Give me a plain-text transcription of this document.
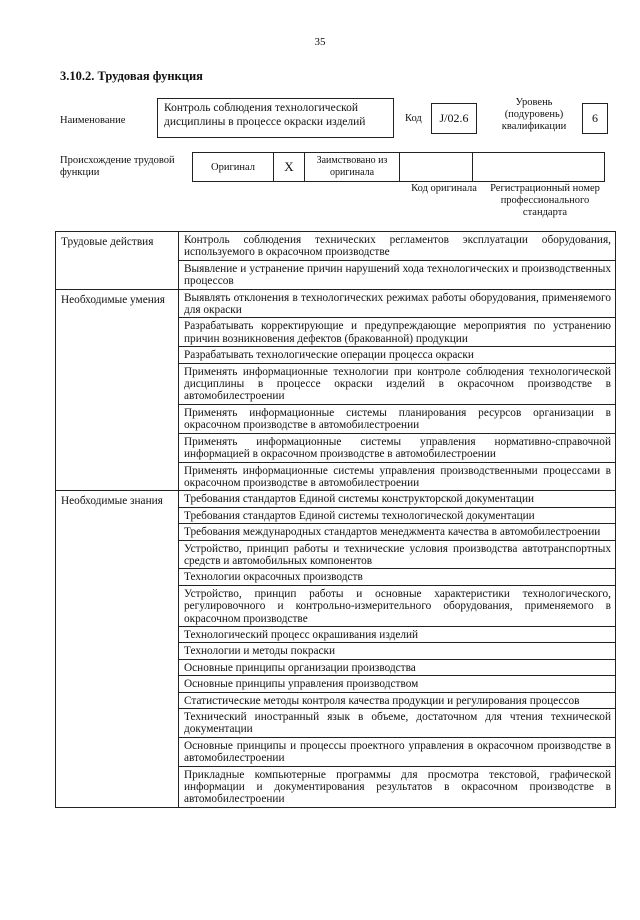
35
3.10.2. Трудовая функция
Наименование
Контроль соблюдения технологической дисциплины в процессе окраски изделий	Код	J/02.6
Уровень (подуровень) квалификации
6
Происхождение трудовой функции	Оригинал X	Заимствовано из оригинала
Код оригинала	Регистрационный номер профессионального стандарта
Трудовые действия	Контроль соблюдения технических регламентов эксплуатации оборудования, используемого в окрасочном производстве
	Выявление и устранение причин нарушений хода технологических и производственных процессов
Необходимые умения	Выявлять отклонения в технологических режимах работы оборудования, применяемого для окраски
	Разрабатывать корректирующие и предупреждающие мероприятия по устранению причин возникновения дефектов (бракованной) продукции
	Разрабатывать технологические операции процесса окраски
	Применять информационные технологии при контроле соблюдения технологической дисциплины в процессе окраски изделий в окрасочном производстве в автомобилестроении
	Применять информационные системы планирования ресурсов организации в окрасочном производстве в автомобилестроении
	Применять информационные системы управления нормативно-справочной информацией в окрасочном производстве в автомобилестроении
	Применять информационные системы управления производственными процессами в окрасочном производстве в автомобилестроении
Необходимые знания	Требования стандартов Единой системы конструкторской документации
	Требования стандартов Единой системы технологической документации
	Требования международных стандартов менеджмента качества в автомобилестроении
	Устройство, принцип работы и технические условия производства автотранспортных средств и автомобильных компонентов
	Технологии окрасочных производств
	Устройство, принцип работы и основные характеристики технологического, регулировочного и контрольно-измерительного оборудования, применяемого в окрасочном производстве
	Технологический процесс окрашивания изделий
	Технологии и методы покраски
	Основные принципы организации производства
	Основные принципы управления производством
	Статистические методы контроля качества продукции и регулирования процессов
	Технический иностранный язык в объеме, достаточном для чтения технической документации
	Основные принципы и процессы проектного управления в окрасочном производстве в автомобилестроении
	Прикладные компьютерные программы для просмотра текстовой, графической информации и документирования результатов в окрасочном производстве в автомобилестроении
